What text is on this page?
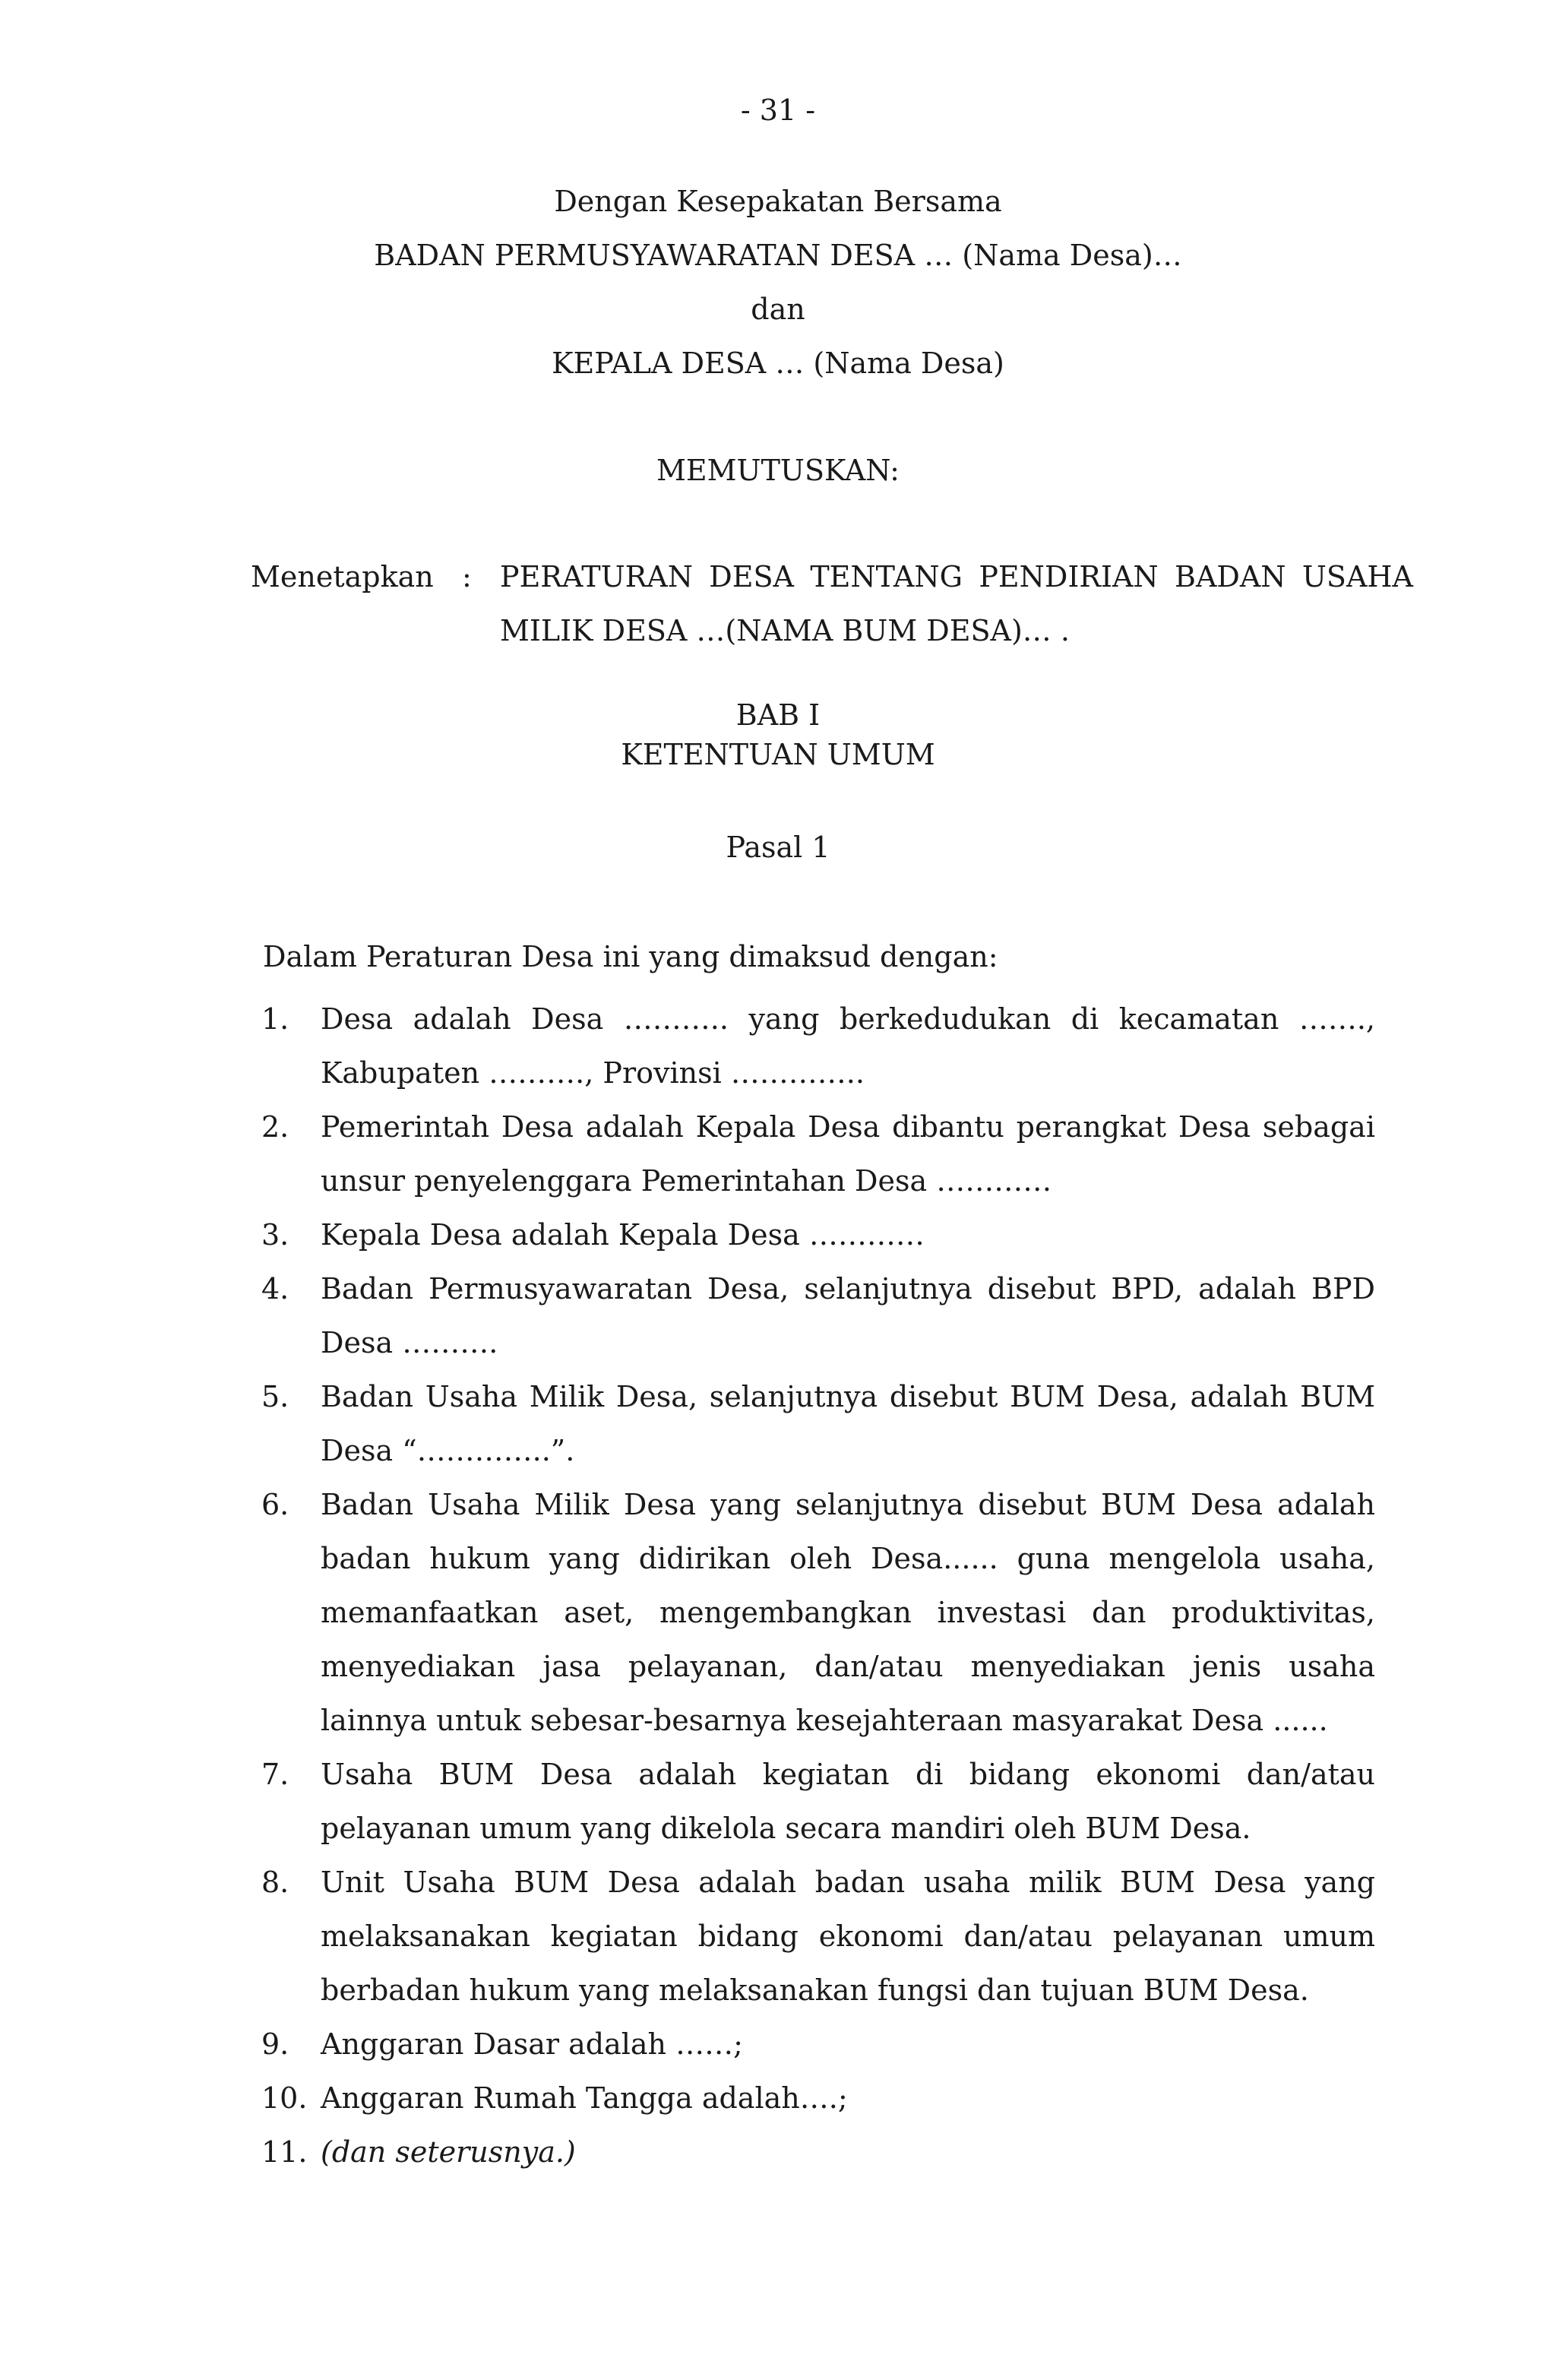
- 31 -
Dengan Kesepakatan Bersama
BADAN PERMUSYAWARATAN DESA … (Nama Desa)…
dan
KEPALA DESA … (Nama Desa)
MEMUTUSKAN:
Menetapkan : PERATURAN DESA TENTANG PENDIRIAN BADAN USAHA
MILIK DESA …(NAMA BUM DESA)… .
BAB I
KETENTUAN UMUM
Pasal 1
Dalam Peraturan Desa ini yang dimaksud dengan:
1. Desa adalah Desa ……….. yang berkedudukan di kecamatan ……., Kabupaten ………., Provinsi …………..
2. Pemerintah Desa adalah Kepala Desa dibantu perangkat Desa sebagai unsur penyelenggara Pemerintahan Desa …………
3. Kepala Desa adalah Kepala Desa …………
4. Badan Permusyawaratan Desa, selanjutnya disebut BPD, adalah BPD Desa ……….
5. Badan Usaha Milik Desa, selanjutnya disebut BUM Desa, adalah BUM Desa “…………..”.
6. Badan Usaha Milik Desa yang selanjutnya disebut BUM Desa adalah badan hukum yang didirikan oleh Desa...... guna mengelola usaha, memanfaatkan aset, mengembangkan investasi dan produktivitas, menyediakan jasa pelayanan, dan/atau menyediakan jenis usaha lainnya untuk sebesar-besarnya kesejahteraan masyarakat Desa ......
7. Usaha BUM Desa adalah kegiatan di bidang ekonomi dan/atau pelayanan umum yang dikelola secara mandiri oleh BUM Desa.
8. Unit Usaha BUM Desa adalah badan usaha milik BUM Desa yang melaksanakan kegiatan bidang ekonomi dan/atau pelayanan umum berbadan hukum yang melaksanakan fungsi dan tujuan BUM Desa.
9. Anggaran Dasar adalah ……;
10. Anggaran Rumah Tangga adalah….;
11. (dan seterusnya.)
